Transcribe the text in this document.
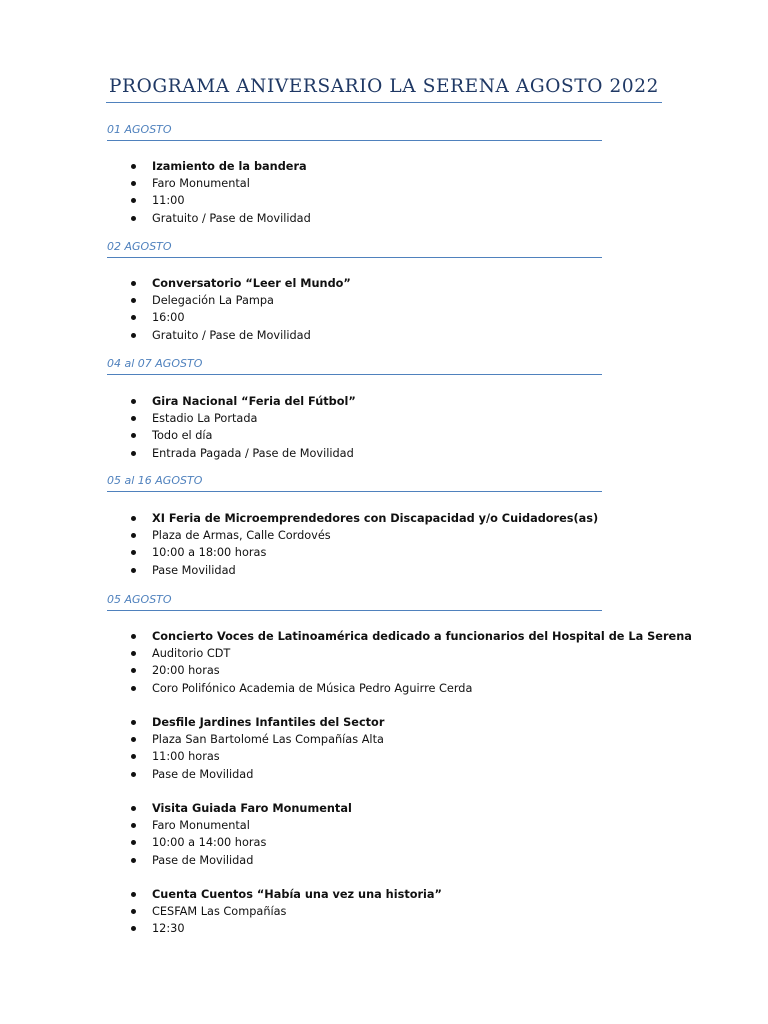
PROGRAMA ANIVERSARIO LA SERENA AGOSTO 2022
01 AGOSTO
02 AGOSTO
04 al 07 AGOSTO
05 al 16 AGOSTO
05 AGOSTO
Izamiento de la bandera
Faro Monumental
11:00
Gratuito / Pase de Movilidad
Conversatorio “Leer el Mundo”
Delegación La Pampa
16:00
Gratuito / Pase de Movilidad
Gira Nacional “Feria del Fútbol”
Estadio La Portada
Todo el día
Entrada Pagada / Pase de Movilidad
XI Feria de Microemprendedores con Discapacidad y/o Cuidadores(as)
Plaza de Armas, Calle Cordovés
10:00 a 18:00 horas
Pase Movilidad
Concierto Voces de Latinoamérica dedicado a funcionarios del Hospital de La Serena
Auditorio CDT
20:00 horas
Coro Polifónico Academia de Música Pedro Aguirre Cerda
Desfile Jardines Infantiles del Sector
Plaza San Bartolomé Las Compañías Alta
11:00 horas
Pase de Movilidad
Visita Guiada Faro Monumental
Faro Monumental
10:00 a 14:00 horas
Pase de Movilidad
Cuenta Cuentos “Había una vez una historia”
CESFAM Las Compañías
12:30
